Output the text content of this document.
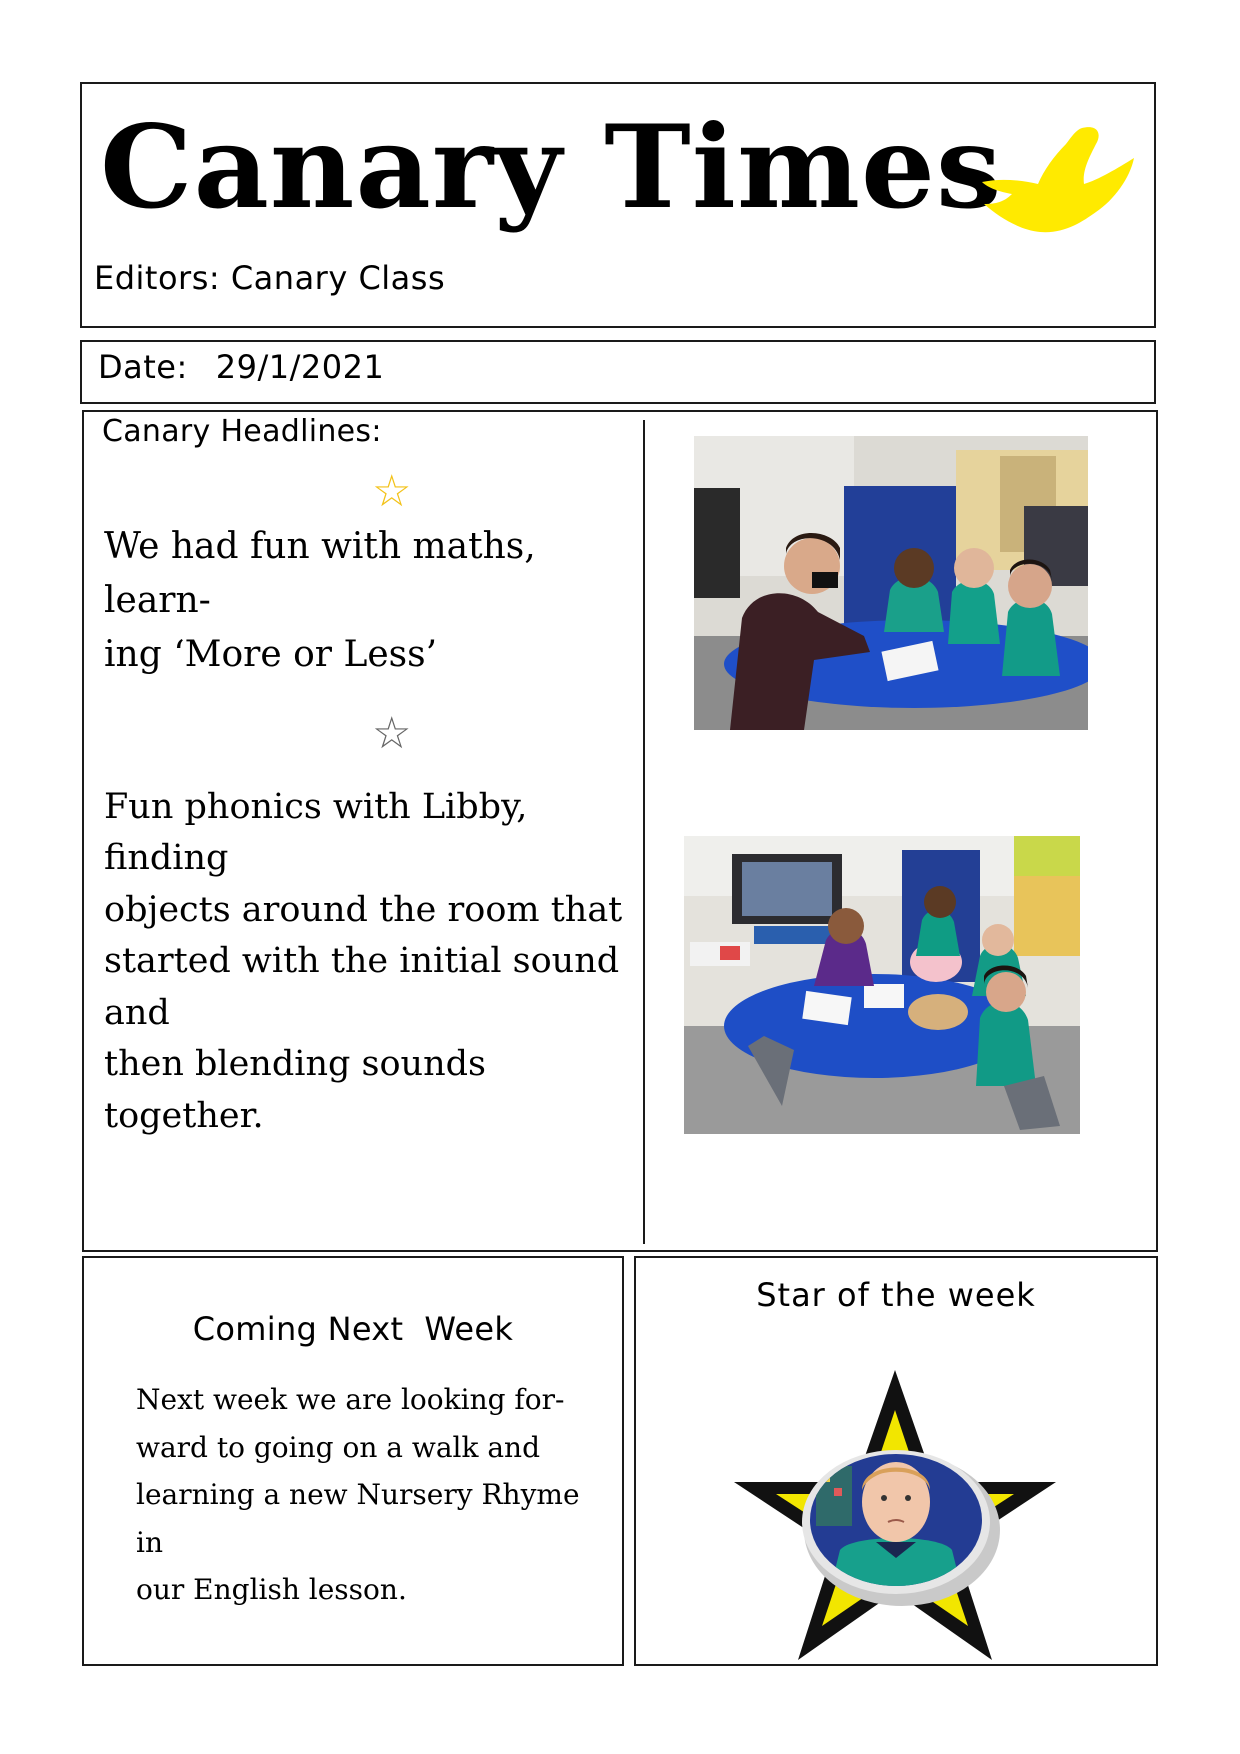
Canary Times
Editors: Canary Class
Date: 29/1/2021
Canary Headlines:
☆
We had fun with maths, learn-
ing ‘More or Less’
☆
Fun phonics with Libby, finding
objects around the room that
started with the initial sound and
then blending sounds together.
Coming Next  Week
Next week we are looking for-
ward to going on a walk and
learning a new Nursery Rhyme in
our English lesson.
Star of the week
